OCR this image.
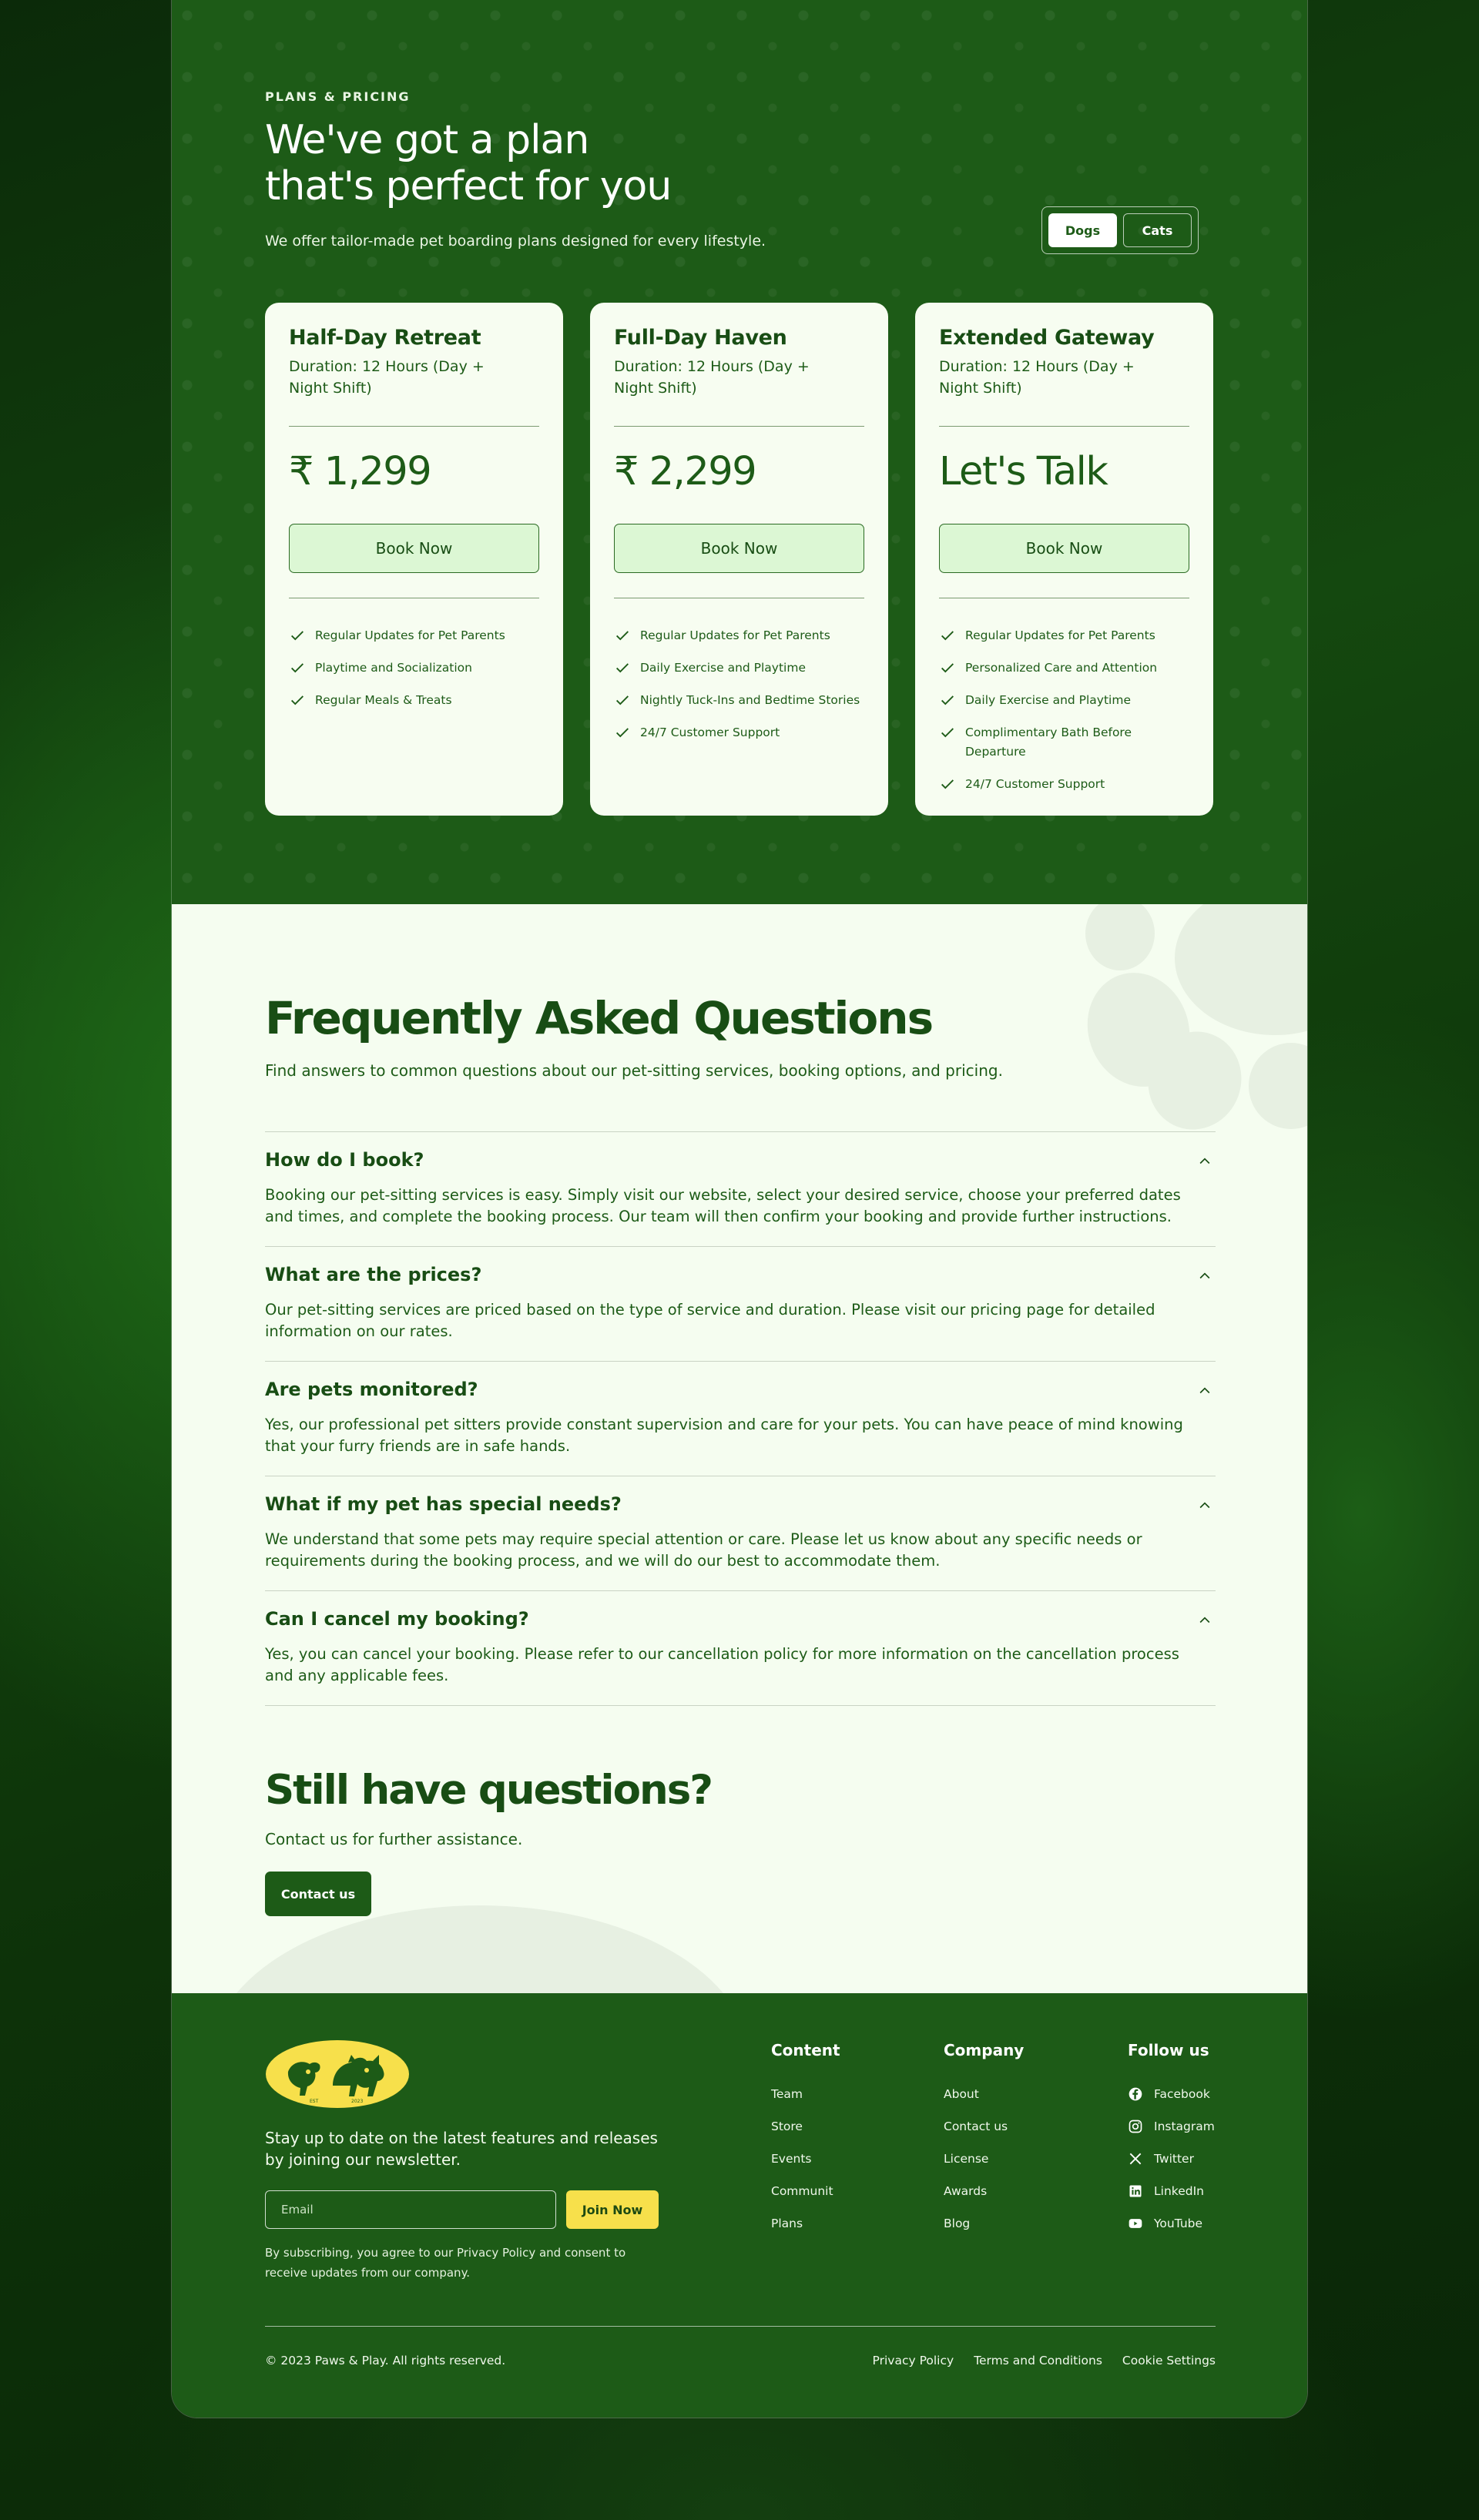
PLANS & PRICING
We've got a plan
that's perfect for you
We offer tailor-made pet boarding plans designed for every lifestyle.
Dogs	Cats
Half-Day Retreat
Duration: 12 Hours (Day + Night Shift)
₹ 1,299
Book Now
Regular Updates for Pet Parents
Playtime and Socialization
Regular Meals & Treats
Full-Day Haven
Duration: 12 Hours (Day + Night Shift)
₹ 2,299
Book Now
Regular Updates for Pet Parents
Daily Exercise and Playtime
Nightly Tuck-Ins and Bedtime Stories
24/7 Customer Support
Extended Gateway
Duration: 12 Hours (Day + Night Shift)
Let's Talk
Book Now
Regular Updates for Pet Parents
Personalized Care and Attention
Daily Exercise and Playtime
Complimentary Bath Before Departure
24/7 Customer Support
Frequently Asked Questions
Find answers to common questions about our pet-sitting services, booking options, and pricing.
How do I book?
Booking our pet-sitting services is easy. Simply visit our website, select your desired service, choose your preferred dates and times, and complete the booking process. Our team will then confirm your booking and provide further instructions.
What are the prices?
Our pet-sitting services are priced based on the type of service and duration. Please visit our pricing page for detailed information on our rates.
Are pets monitored?
Yes, our professional pet sitters provide constant supervision and care for your pets. You can have peace of mind knowing that your furry friends are in safe hands.
What if my pet has special needs?
We understand that some pets may require special attention or care. Please let us know about any specific needs or requirements during the booking process, and we will do our best to accommodate them.
Can I cancel my booking?
Yes, you can cancel your booking. Please refer to our cancellation policy for more information on the cancellation process and any applicable fees.
Still have questions?
Contact us for further assistance.
Contact us
EST	2023
Stay up to date on the latest features and releases by joining our newsletter.
Email
Join Now
By subscribing, you agree to our Privacy Policy and consent to receive updates from our company.
Content
Team
Store
Events
Communit
Plans
Company
About
Contact us
License
Awards
Blog
Follow us
Facebook
Instagram
Twitter
LinkedIn
YouTube
© 2023 Paws & Play. All rights reserved.	Privacy Policy Terms and Conditions Cookie Settings
